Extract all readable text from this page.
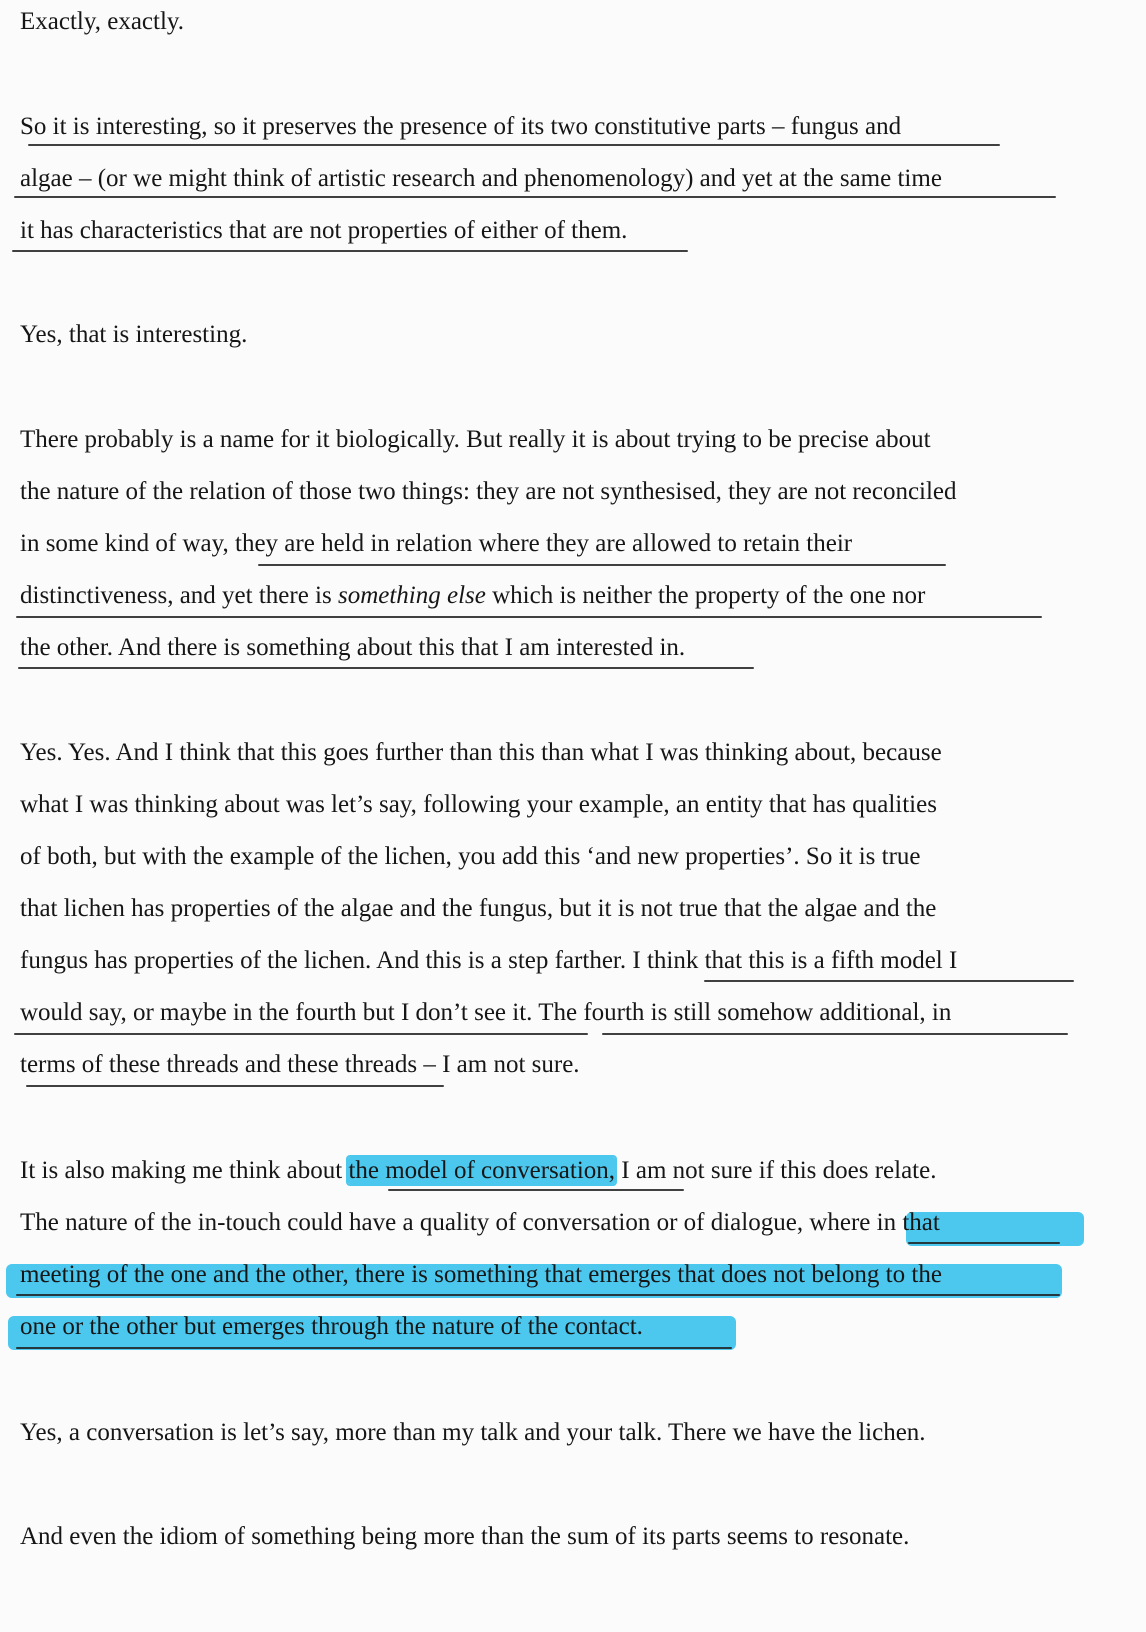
Exactly, exactly.
So it is interesting, so it preserves the presence of its two constitutive parts – fungus and
algae – (or we might think of artistic research and phenomenology) and yet at the same time
it has characteristics that are not properties of either of them.
Yes, that is interesting.
There probably is a name for it biologically. But really it is about trying to be precise about
the nature of the relation of those two things: they are not synthesised, they are not reconciled
in some kind of way, they are held in relation where they are allowed to retain their
distinctiveness, and yet there is something else which is neither the property of the one nor
the other. And there is something about this that I am interested in.
Yes. Yes. And I think that this goes further than this than what I was thinking about, because
what I was thinking about was let’s say, following your example, an entity that has qualities
of both, but with the example of the lichen, you add this ‘and new properties’. So it is true
that lichen has properties of the algae and the fungus, but it is not true that the algae and the
fungus has properties of the lichen. And this is a step farther. I think that this is a fifth model I
would say, or maybe in the fourth but I don’t see it. The fourth is still somehow additional, in
terms of these threads and these threads – I am not sure.
It is also making me think about the model of conversation, I am not sure if this does relate.
The nature of the in-touch could have a quality of conversation or of dialogue, where in that
meeting of the one and the other, there is something that emerges that does not belong to the
one or the other but emerges through the nature of the contact.
Yes, a conversation is let’s say, more than my talk and your talk. There we have the lichen.
And even the idiom of something being more than the sum of its parts seems to resonate.
